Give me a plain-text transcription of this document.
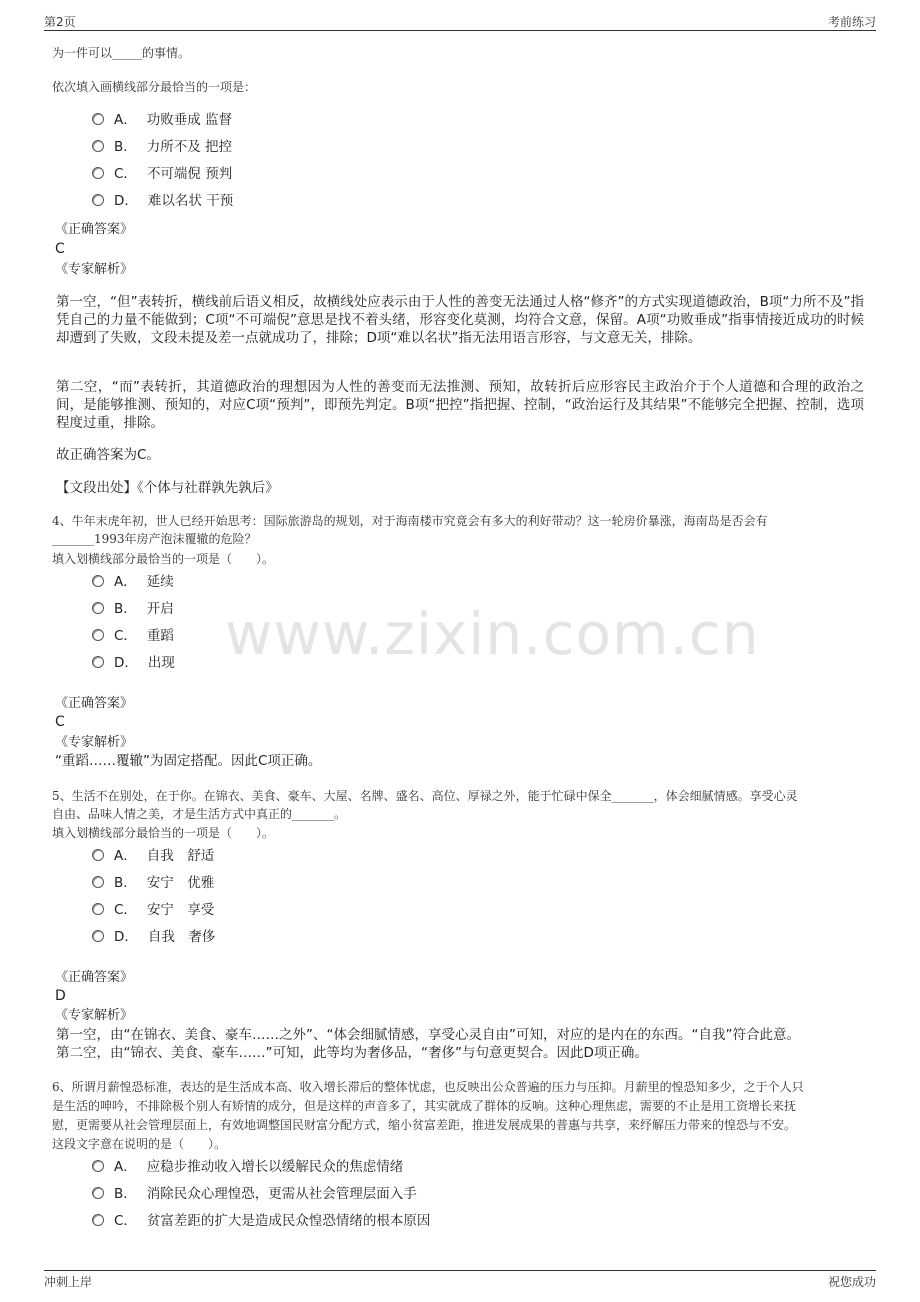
第2页	考前练习
www.zixin.com.cn
为一件可以_____的事情。
依次填入画横线部分最恰当的一项是：
A． 功败垂成 监督
B． 力所不及 把控
C． 不可端倪 预判
D． 难以名状 干预
《正确答案》
C
《专家解析》
第一空，“但”表转折，横线前后语义相反，故横线处应表示由于人性的善变无法通过人格“修齐”的方式实现道德政治，B项“力所不及”指凭自己的力量不能做到；C项“不可端倪”意思是找不着头绪，形容变化莫测，均符合文意，保留。A项“功败垂成”指事情接近成功的时候却遭到了失败，文段未提及差一点就成功了，排除；D项“难以名状”指无法用语言形容，与文意无关，排除。
第二空，“而”表转折，其道德政治的理想因为人性的善变而无法推测、预知，故转折后应形容民主政治介于个人道德和合理的政治之间，是能够推测、预知的，对应C项“预判”，即预先判定。B项“把控”指把握、控制，“政治运行及其结果”不能够完全把握、控制，选项程度过重，排除。
故正确答案为C。
【文段出处】《个体与社群孰先孰后》
4、牛年末虎年初，世人已经开始思考：国际旅游岛的规划，对于海南楼市究竟会有多大的利好带动？这一轮房价暴涨，海南岛是否会有
_______1993年房产泡沫覆辙的危险？
填入划横线部分最恰当的一项是（　　）。
A． 延续
B． 开启
C． 重蹈
D． 出现
《正确答案》
C
《专家解析》
“重蹈……覆辙”为固定搭配。因此C项正确。
5、生活不在别处，在于你。在锦衣、美食、豪车、大屋、名牌、盛名、高位、厚禄之外，能于忙碌中保全_______，体会细腻情感。享受心灵
自由、品味人情之美，才是生活方式中真正的_______。
填入划横线部分最恰当的一项是（　　）。
A． 自我　舒适
B． 安宁　优雅
C． 安宁　享受
D． 自我　奢侈
《正确答案》
D
《专家解析》
第一空，由“在锦衣、美食、豪车……之外”、“体会细腻情感，享受心灵自由”可知，对应的是内在的东西。“自我”符合此意。
第二空，由“锦衣、美食、豪车……”可知，此等均为奢侈品，“奢侈”与句意更契合。因此D项正确。
6、所谓月薪惶恐标准，表达的是生活成本高、收入增长滞后的整体忧虑，也反映出公众普遍的压力与压抑。月薪里的惶恐知多少，之于个人只
是生活的呻吟，不排除极个别人有矫情的成分，但是这样的声音多了，其实就成了群体的反响。这种心理焦虑，需要的不止是用工资增长来抚
慰，更需要从社会管理层面上，有效地调整国民财富分配方式，缩小贫富差距，推进发展成果的普惠与共享，来纾解压力带来的惶恐与不安。
这段文字意在说明的是（　　）。
A． 应稳步推动收入增长以缓解民众的焦虑情绪
B． 消除民众心理惶恐，更需从社会管理层面入手
C． 贫富差距的扩大是造成民众惶恐情绪的根本原因
冲刺上岸	祝您成功
